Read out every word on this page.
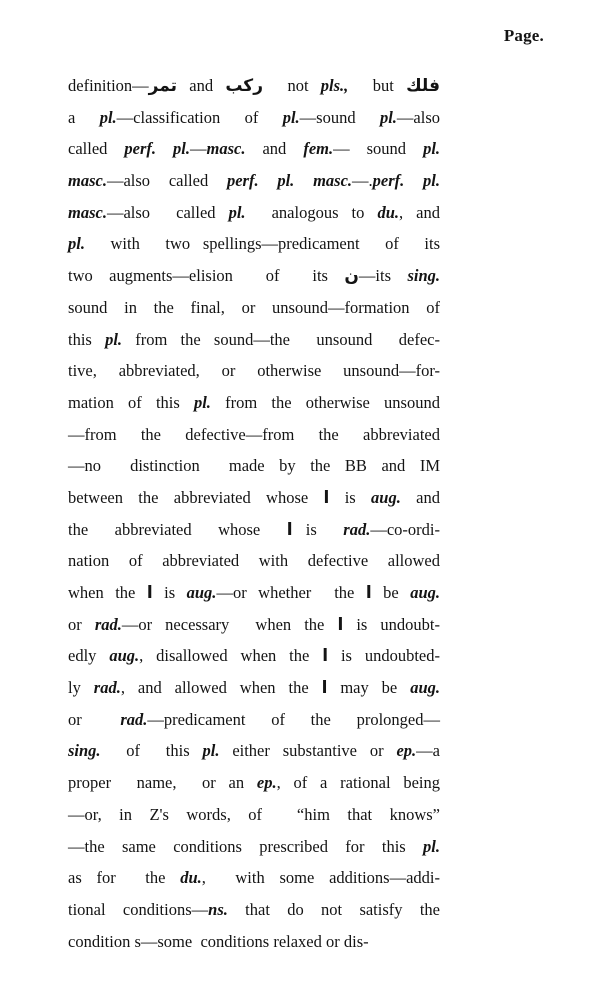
Page.
definition—تمر and ركب  not pls.,  but فلك
a pl.—classification of pl.—sound pl.—also
called perf. pl.—masc. and fem.— sound pl.
masc.—also called perf. pl. masc.—.perf. pl.
masc.—also  called pl.  analogous to du., and
pl.  with  two spellings—predicament  of  its
two augments—elision  of  its ن—its sing.
sound in the final, or unsound—formation of
this pl. from the sound—the  unsound  defec-
tive, abbreviated, or otherwise unsound—for-
mation of this pl. from the otherwise unsound
—from the defective—from the abbreviated
—no  distinction  made by the BB and IM
between the abbreviated whose ا is aug. and
the  abbreviated  whose  ا is  rad.—co-ordi-
nation of abbreviated with defective allowed
when the ا is aug.—or whether  the ا be aug.
or rad.—or necessary  when the ا is undoubt-
edly aug., disallowed when the ا is undoubted-
ly rad., and allowed when the ا may be aug.
or   rad.—predicament  of  the  prolonged—
sing.  of  this pl. either substantive or ep.—a
proper  name,  or an ep., of a rational being
—or, in Z's words, of  “him that knows”
—the same conditions prescribed for this pl.
as for  the du.,  with some additions—addi-
tional conditions—ns. that do not satisfy the
condition s—some  conditions relaxed or dis-
